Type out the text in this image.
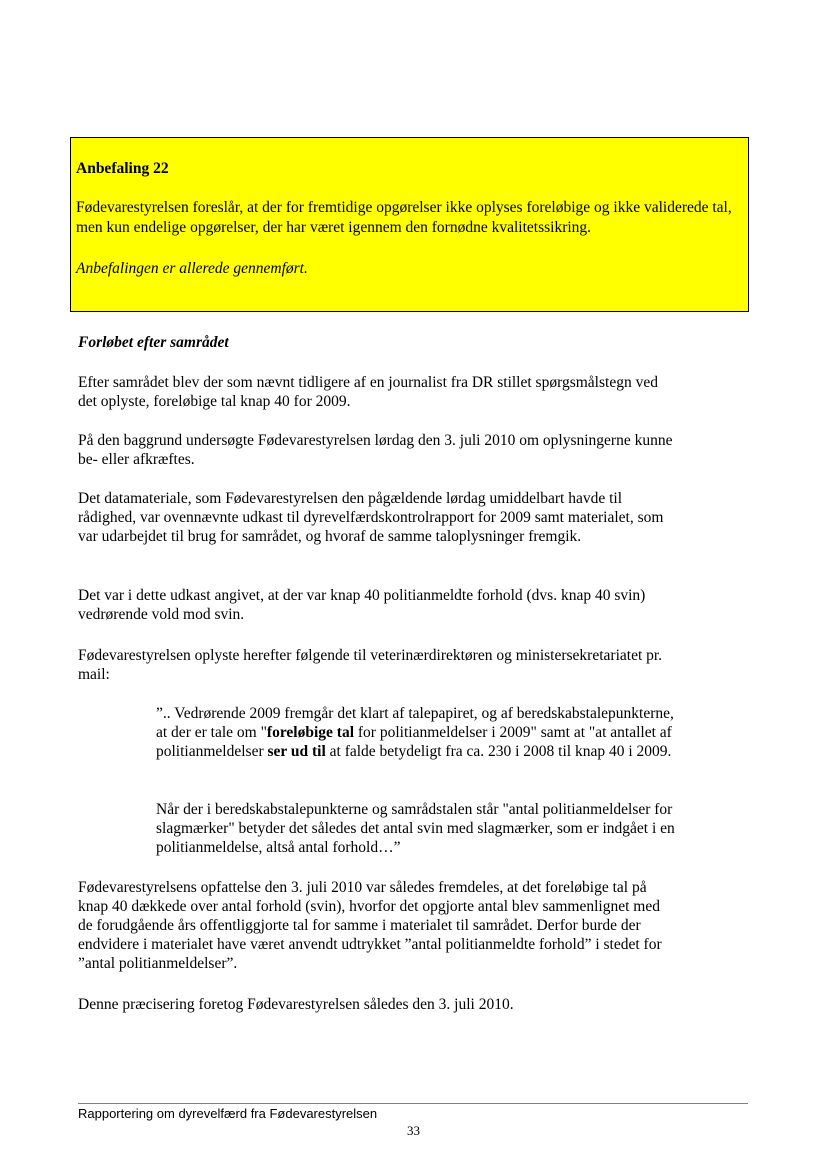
Anbefaling 22
Fødevarestyrelsen foreslår, at der for fremtidige opgørelser ikke oplyses foreløbige og ikke validerede tal, men kun endelige opgørelser, der har været igennem den fornødne kvalitetssikring.
Anbefalingen er allerede gennemført.
Forløbet efter samrådet
Efter samrådet blev der som nævnt tidligere af en journalist fra DR stillet spørgsmålstegn ved det oplyste, foreløbige tal knap 40 for 2009.
På den baggrund undersøgte Fødevarestyrelsen lørdag den 3. juli 2010 om oplysningerne kunne be- eller afkræftes.
Det datamateriale, som Fødevarestyrelsen den pågældende lørdag umiddelbart havde til rådighed, var ovennævnte udkast til dyrevelfærdskontrolrapport for 2009 samt materialet, som var udarbejdet til brug for samrådet, og hvoraf de samme taloplysninger fremgik.
Det var i dette udkast angivet, at der var knap 40 politianmeldte forhold (dvs. knap 40 svin) vedrørende vold mod svin.
Fødevarestyrelsen oplyste herefter følgende til veterinærdirektøren og ministersekretariatet pr. mail:
”.. Vedrørende 2009 fremgår det klart af talepapiret, og af beredskabstalepunkterne, at der er tale om "foreløbige tal for politianmeldelser i 2009" samt at "at antallet af politianmeldelser ser ud til at falde betydeligt fra ca. 230 i 2008 til knap 40 i 2009.
Når der i beredskabstalepunkterne og samrådstalen står "antal politianmeldelser for slagmærker" betyder det således det antal svin med slagmærker, som er indgået i en politianmeldelse, altså antal forhold…”
Fødevarestyrelsens opfattelse den 3. juli 2010 var således fremdeles, at det foreløbige tal på knap 40 dækkede over antal forhold (svin), hvorfor det opgjorte antal blev sammenlignet med de forudgående års offentliggjorte tal for samme i materialet til samrådet. Derfor burde der endvidere i materialet have været anvendt udtrykket ”antal politianmeldte forhold” i stedet for ”antal politianmeldelser”.
Denne præcisering foretog Fødevarestyrelsen således den 3. juli 2010.
Rapportering om dyrevelfærd fra Fødevarestyrelsen
33
